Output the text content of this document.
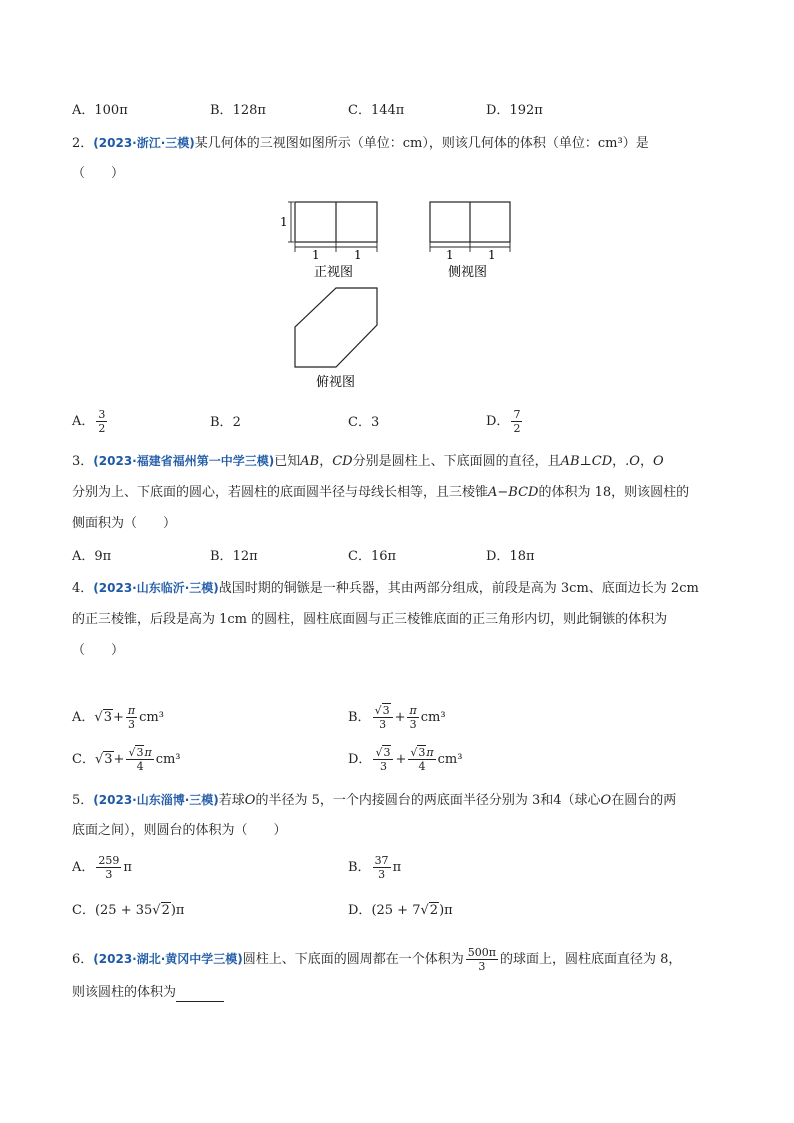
A．100π	B．128π	C．144π	D．192π
2．(2023·浙江·三模)某几何体的三视图如图所示（单位：cm），则该几何体的体积（单位：cm³）是
（　　）
1
1	1
正视图
1	1
侧视图
俯视图
A． $\frac{3}{2}$	B．2	C．3	D． $\frac{7}{2}$
3．(2023·福建省福州第一中学三模)已知AB，CD分别是圆柱上、下底面圆的直径，且AB⊥CD，.O，O
分别为上、下底面的圆心，若圆柱的底面圆半径与母线长相等，且三棱锥A−BCD的体积为 18，则该圆柱的
侧面积为（　　）
A．9π	B．12π	C．16π	D．18π
4．(2023·山东临沂·三模)战国时期的铜镞是一种兵器，其由两部分组成，前段是高为 3cm、底面边长为 2cm
的正三棱锥，后段是高为 1cm 的圆柱，圆柱底面圆与正三棱锥底面的正三角形内切，则此铜镞的体积为
（　　）
A．$√3+ \frac{\pi}{3} cm^3$	B． $\frac{√3}{3} + \frac{\pi}{3} cm^3$
C．$√3+ \frac{√3\pi}{4} cm^3$	D． $\frac{√3}{3} + \frac{√3\pi}{4} cm^3$
5．(2023·山东淄博·三模)若球O的半径为 5，一个内接圆台的两底面半径分别为 3和4（球心O在圆台的两
底面之间），则圆台的体积为（　　）
A． $\frac{259}{3}$ π	B． $\frac{37}{3}$ π
C．(25 + 35√2)π	D．(25 + 7√2)π
6．(2023·湖北·黄冈中学三模)圆柱上、下底面的圆周都在一个体积为 $\frac{500\pi}{3}$ 的球面上，圆柱底面直径为 8，
则该圆柱的体积为
